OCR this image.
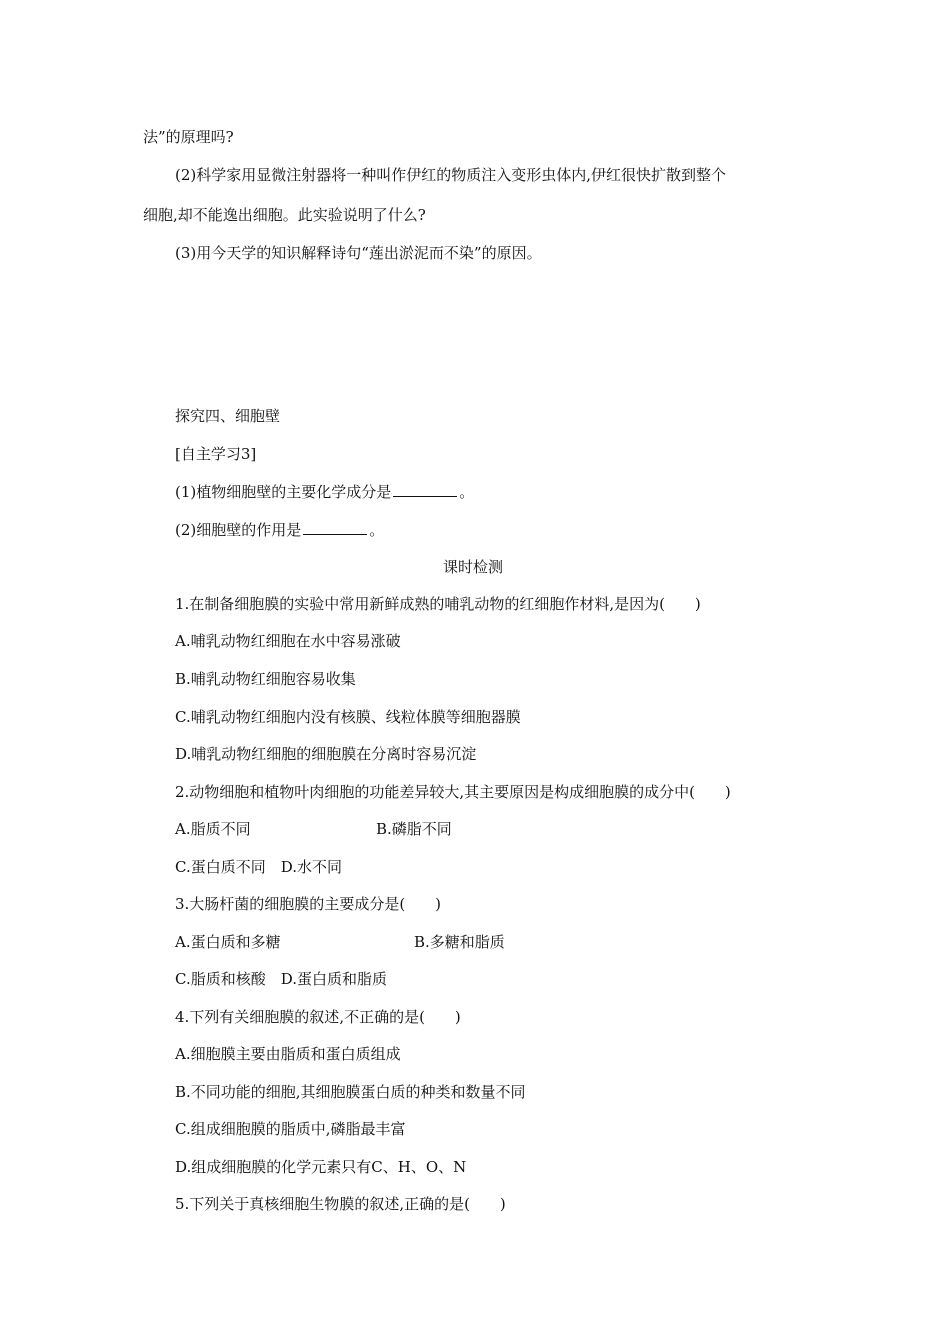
法”的原理吗?
(2)科学家用显微注射器将一种叫作伊红的物质注入变形虫体内,伊红很快扩散到整个
细胞,却不能逸出细胞。此实验说明了什么?
(3)用今天学的知识解释诗句“莲出淤泥而不染”的原因。
探究四、细胞壁
[自主学习3]
(1)植物细胞壁的主要化学成分是	。
(2)细胞壁的作用是	。
课时检测
1.在制备细胞膜的实验中常用新鲜成熟的哺乳动物的红细胞作材料,是因为(　　)
A.哺乳动物红细胞在水中容易涨破
B.哺乳动物红细胞容易收集
C.哺乳动物红细胞内没有核膜、线粒体膜等细胞器膜
D.哺乳动物红细胞的细胞膜在分离时容易沉淀
2.动物细胞和植物叶肉细胞的功能差异较大,其主要原因是构成细胞膜的成分中(　　)
A.脂质不同	B.磷脂不同
C.蛋白质不同　D.水不同
3.大肠杆菌的细胞膜的主要成分是(　　)
A.蛋白质和多糖	B.多糖和脂质
C.脂质和核酸　D.蛋白质和脂质
4.下列有关细胞膜的叙述,不正确的是(　　)
A.细胞膜主要由脂质和蛋白质组成
B.不同功能的细胞,其细胞膜蛋白质的种类和数量不同
C.组成细胞膜的脂质中,磷脂最丰富
D.组成细胞膜的化学元素只有C、H、O、N
5.下列关于真核细胞生物膜的叙述,正确的是(　　)
